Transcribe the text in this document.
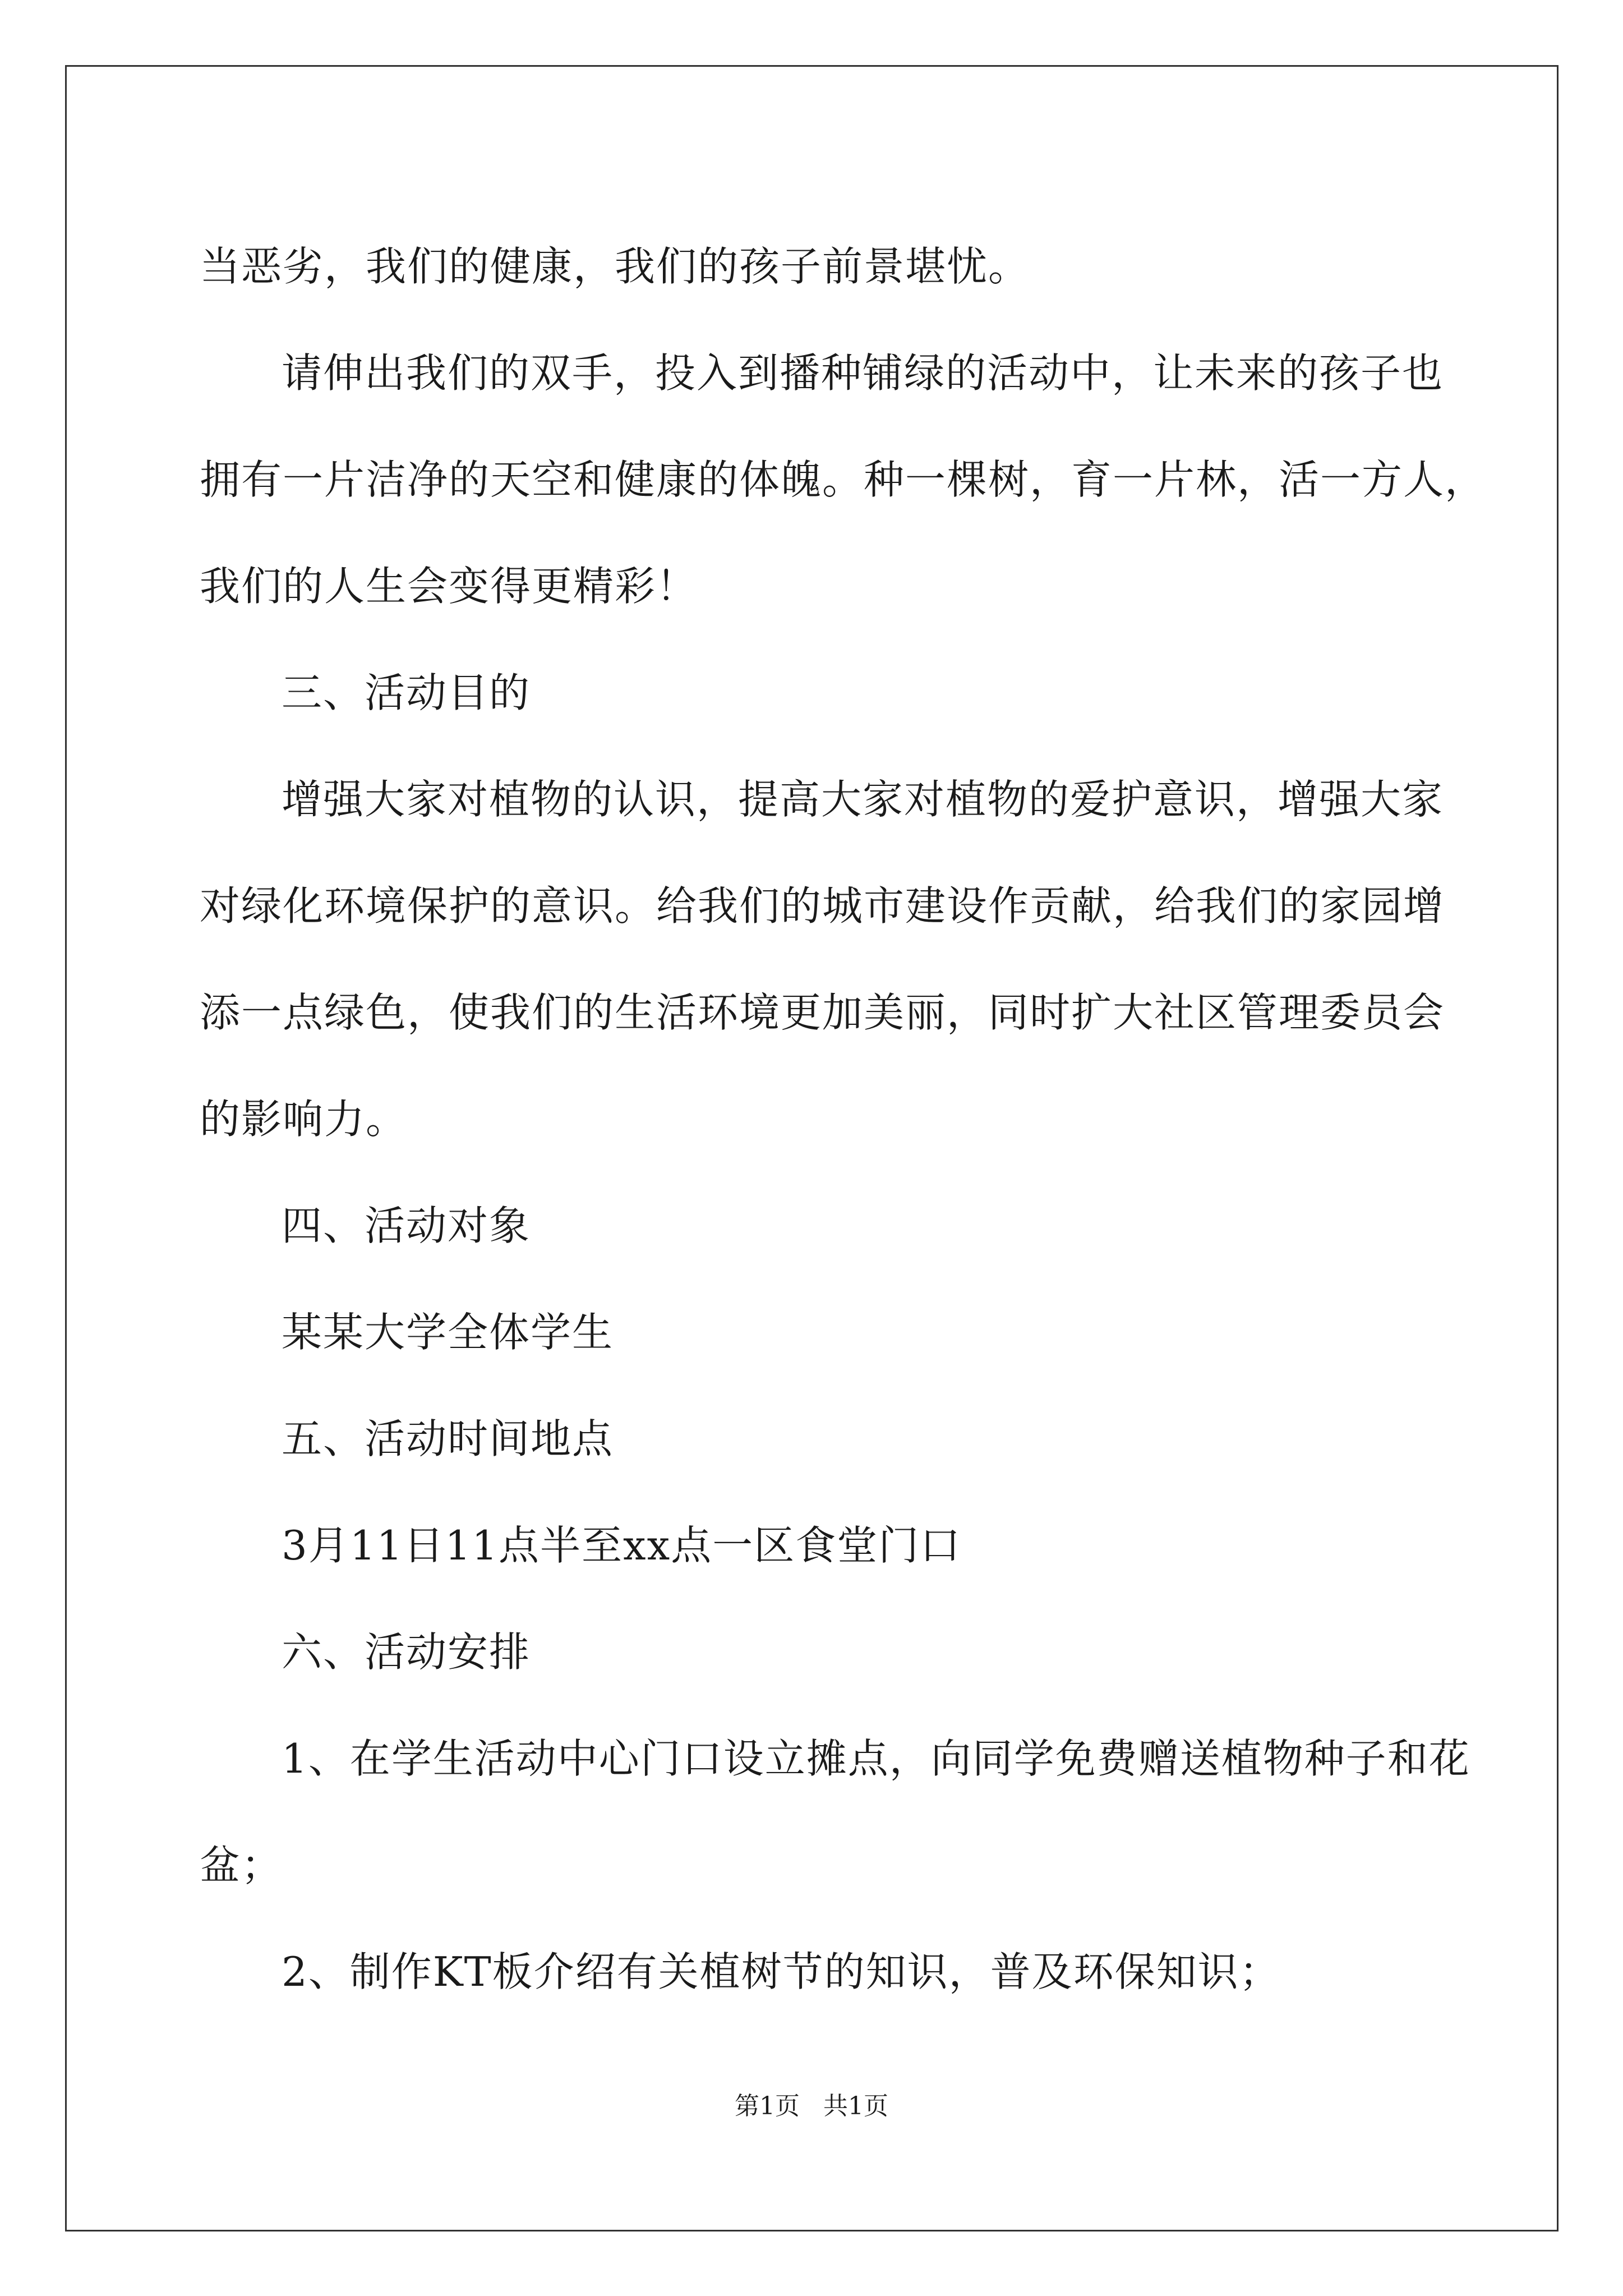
当恶劣，我们的健康，我们的孩子前景堪忧。

请伸出我们的双手，投入到播种铺绿的活动中，让未来的孩子也

拥有一片洁净的天空和健康的体魄。种一棵树，育一片林，活一方人，

我们的人生会变得更精彩！

三、活动目的

增强大家对植物的认识，提高大家对植物的爱护意识，增强大家

对绿化环境保护的意识。给我们的城市建设作贡献，给我们的家园增

添一点绿色，使我们的生活环境更加美丽，同时扩大社区管理委员会

的影响力。

四、活动对象

某某大学全体学生

五、活动时间地点

3月11日11点半至xx点一区食堂门口

六、活动安排

1、在学生活动中心门口设立摊点，向同学免费赠送植物种子和花

盆；

2、制作KT板介绍有关植树节的知识，普及环保知识；

第1页   共1页
